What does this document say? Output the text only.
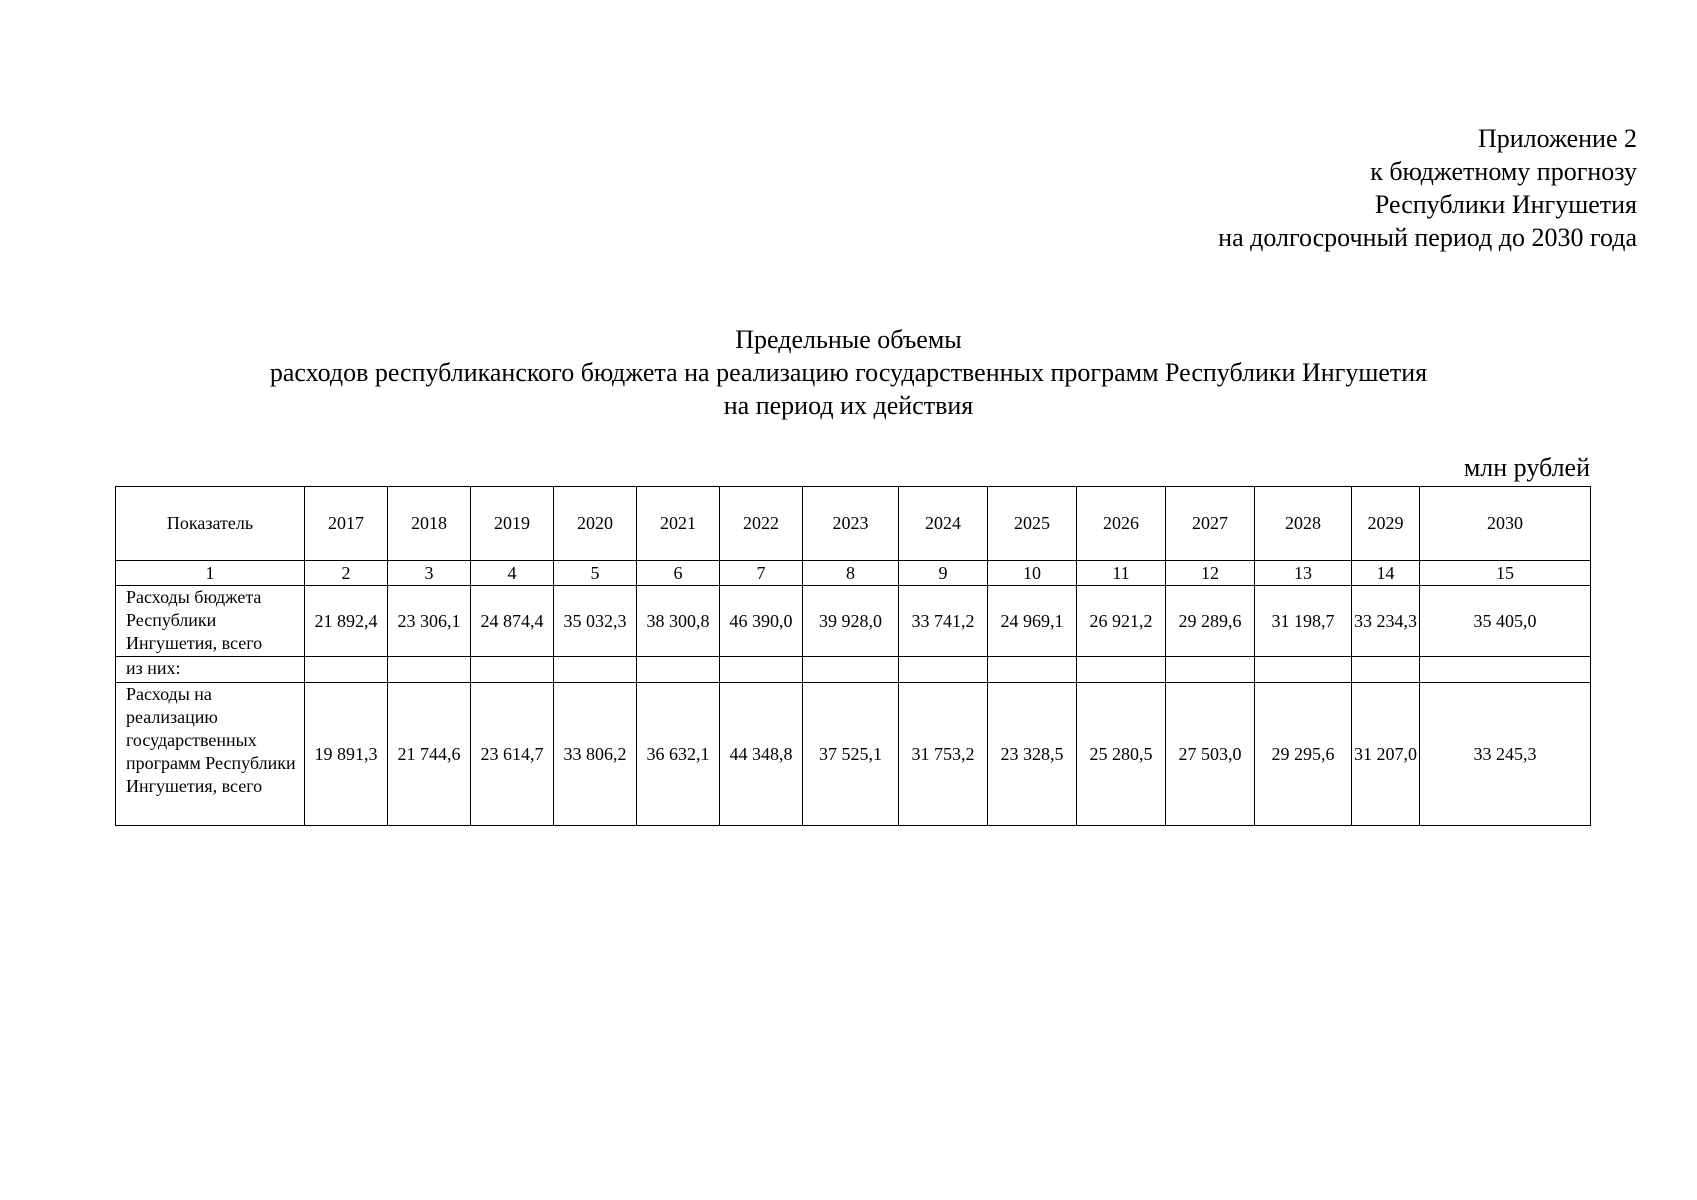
Приложение 2
к бюджетному прогнозу
Республики Ингушетия
на долгосрочный период до 2030 года
Предельные объемы
расходов республиканского бюджета на реализацию государственных программ Республики Ингушетия
на период их действия
млн рублей
Показатель	2017	2018	2019	2020	2021	2022	2023	2024	2025	2026	2027	2028	2029	2030
1	2	3	4	5	6	7	8	9	10	11	12	13	14	15
Расходы бюджета Республики Ингушетия, всего	21 892,4	23 306,1	24 874,4	35 032,3	38 300,8	46 390,0	39 928,0	33 741,2	24 969,1	26 921,2	29 289,6	31 198,7	33 234,3	35 405,0
из них:														
Расходы на реализацию государственных программ Республики Ингушетия, всего	19 891,3	21 744,6	23 614,7	33 806,2	36 632,1	44 348,8	37 525,1	31 753,2	23 328,5	25 280,5	27 503,0	29 295,6	31 207,0	33 245,3
